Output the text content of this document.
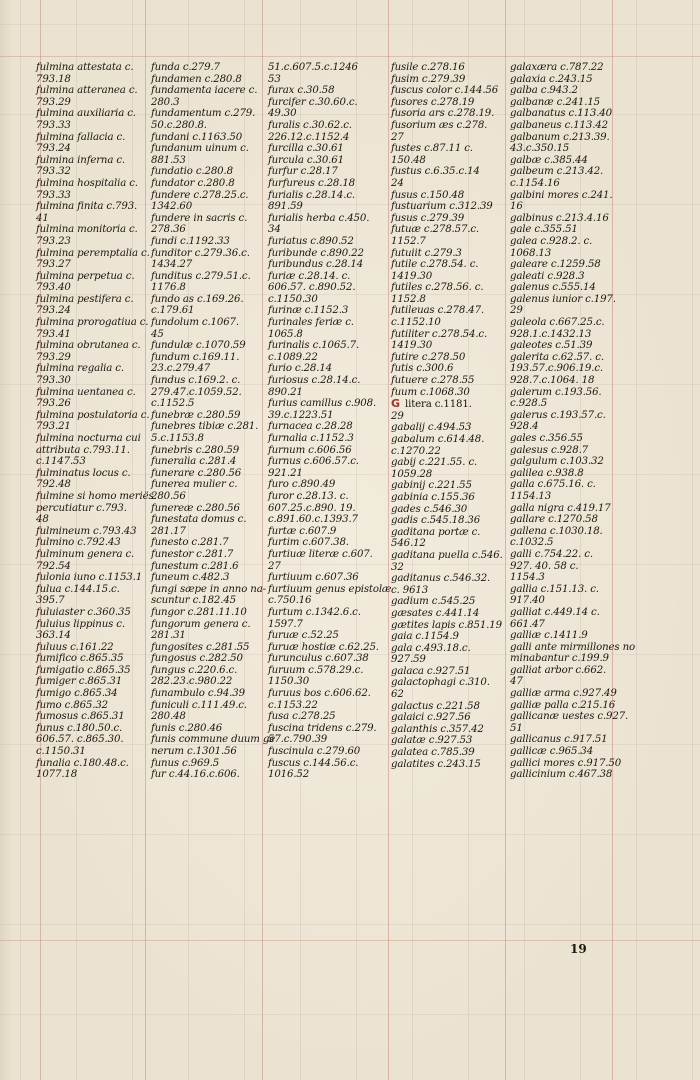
fulmina attestata c.
793.18
fulmina atteranea c.
793.29
fulmina auxiliaria c.
793.33
fulmina fallacia c.
793.24
fulmina inferna c.
793.32
fulmina hospitalia c.
793.33
fulmina finita c.793.
41
fulmina monitoria c.
793.23
fulmina peremptalia c.
793.27
fulmina perpetua c.
793.40
fulmina pestifera c.
793.24
fulmina prorogatiua c.
793.41
fulmina obrutanea c.
793.29
fulmina regalia c.
793.30
fulmina uentanea c.
793.26
fulmina postulatoria c.
793.21
fulmina nocturna cui
attributa c.793.11.
c.1147.53
fulminatus locus c.
792.48
fulmine si homo meriës
percutiatur c.793.
48
fulmineum c.793.43
fulmino c.792.43
fulminum genera c.
792.54
fulonia iuno c.1153.1
fulua c.144.15.c.
395.7
fuluiaster c.360.35
fuluius lippinus c.
363.14
fuluus c.161.22
fumifico c.865.35
fumigatio c.865.35
fumiger c.865.31
fumigo c.865.34
fumo c.865.32
fumosus c.865.31
funus c.180.50.c.
606.57. c.865.30.
c.1150.31
funalia c.180.48.c.
1077.18
funda c.279.7
fundamen c.280.8
fundamenta iacere c.
280.3
fundamentum c.279.
50.c.280.8.
fundani c.1163.50
fundanum uinum c.
881.53
fundatio c.280.8
fundator c.280.8
fundere c.278.25.c.
1342.60
fundere in sacris c.
278.36
fundi c.1192.33
funditor c.279.36.c.
1434.27
funditus c.279.51.c.
1176.8
fundo as c.169.26.
c.179.61
fundolum c.1067.
45
fundulæ c.1070.59
fundum c.169.11.
23.c.279.47
fundus c.169.2. c.
279.47.c.1059.52.
c.1152.5
funebræ c.280.59
funebres tibiæ c.281.
5.c.1153.8
funebris c.280.59
funeralia c.281.4
funerare c.280.56
funerea mulier c.
280.56
funereæ c.280.56
funestata domus c.
281.17
funesto c.281.7
funestor c.281.7
funestum c.281.6
funeum c.482.3
fungi sæpe in anno na-
scuntur c.182.45
fungor c.281.11.10
fungorum genera c.
281.31
fungosites c.281.55
fungosus c.282.50
fungus c.220.6.c.
282.23.c.980.22
funambulo c.94.39
funiculi c.111.49.c.
280.48
funis c.280.46
funis commune duum ge
nerum c.1301.56
funus c.969.5
fur c.44.16.c.606.
51.c.607.5.c.1246
53
furax c.30.58
furcifer c.30.60.c.
49.30
furalis c.30.62.c.
226.12.c.1152.4
furcilla c.30.61
furcula c.30.61
furfur c.28.17
furfureus c.28.18
furialis c.28.14.c.
891.59
furialis herba c.450.
34
furiatus c.890.52
furibunde c.890.22
furibundus c.28.14
furiæ c.28.14. c.
606.57. c.890.52.
c.1150.30
furinæ c.1152.3
furinales feriæ c.
1065.8
furinalis c.1065.7.
c.1089.22
furio c.28.14
furiosus c.28.14.c.
890.21
furius camillus c.908.
39.c.1223.51
furnacea c.28.28
furnalia c.1152.3
furnum c.606.56
furnus c.606.57.c.
921.21
furo c.890.49
furor c.28.13. c.
607.25.c.890. 19.
c.891.60.c.1393.7
furtæ c.607.9
furtim c.607.38.
furtiuæ literæ c.607.
27
furtiuum c.607.36
furtiuum genus epistolæ
c.750.16
furtum c.1342.6.c.
1597.7
furuæ c.52.25
furuæ hostiæ c.62.25.
furunculus c.607.38
furuum c.578.29.c.
1150.30
furuus bos c.606.62.
c.1153.22
fusa c.278.25
fuscina tridens c.279.
57.c.790.39
fuscinula c.279.60
fuscus c.144.56.c.
1016.52
fusile c.278.16
fusim c.279.39
fuscus color c.144.56
fusores c.278.19
fusoria ars c.278.19.
fusorium æs c.278.
27
fustes c.87.11 c.
150.48
fustus c.6.35.c.14
24
fusus c.150.48
fustuarium c.312.39
fusus c.279.39
futuæ c.278.57.c.
1152.7
futuiit c.279.3
futile c.278.54. c.
1419.30
futiles c.278.56. c.
1152.8
futileuas c.278.47.
c.1152.10
futiliter c.278.54.c.
1419.30
futire c.278.50
futis c.300.6
futuere c.278.55
fuum c.1068.30
G litera c.1181.
29
gabalij c.494.53
gabalum c.614.48.
c.1270.22
gabij c.221.55. c.
1059.28
gabinij c.221.55
gabinia c.155.36
gades c.546.30
gadis c.545.18.36
gaditana portæ c.
546.12
gaditana puella c.546.
32
gaditanus c.546.32.
c. 9613
gadium c.545.25
gæsates c.441.14
gætites lapis c.851.19
gaia c.1154.9
gala c.493.18.c.
927.59
galaca c.927.51
galactophagi c.310.
62
galactus c.221.58
galaici c.927.56
galanthis c.357.42
galatæ c.927.53
galatea c.785.39
galatites c.243.15
galaxæra c.787.22
galaxia c.243.15
galba c.943.2
galbanæ c.241.15
galbanatus c.113.40
galbaneus c.113.42
galbanum c.213.39.
43.c.350.15
galbæ c.385.44
galbeum c.213.42.
c.1154.16
galbini mores c.241.
16
galbinus c.213.4.16
gale c.355.51
galea c.928.2. c.
1068.13
galeare c.1259.58
galeati c.928.3
galenus c.555.14
galenus iunior c.197.
29
galeola c.667.25.c.
928.1.c.1432.13
galeotes c.51.39
galerita c.62.57. c.
193.57.c.906.19.c.
928.7.c.1064. 18
galerum c.193.56.
c.928.5
galerus c.193.57.c.
928.4
gales c.356.55
galesus c.928.7
galgulum c.103.32
galilea c.938.8
galla c.675.16. c.
1154.13
galla nigra c.419.17
gallare c.1270.58
gallena c.1030.18.
c.1032.5
galli c.754.22. c.
927. 40. 58 c.
1154.3
gallia c.151.13. c.
917.40
galliat c.449.14 c.
661.47
galliæ c.1411.9
galli ante mirmillones no
minabantur c.199.9
galliat arbor c.662.
47
galliæ arma c.927.49
galliæ palla c.215.16
gallicanæ uestes c.927.
51
gallicanus c.917.51
gallicæ c.965.34
gallici mores c.917.50
gallicinium c.467.38
19
